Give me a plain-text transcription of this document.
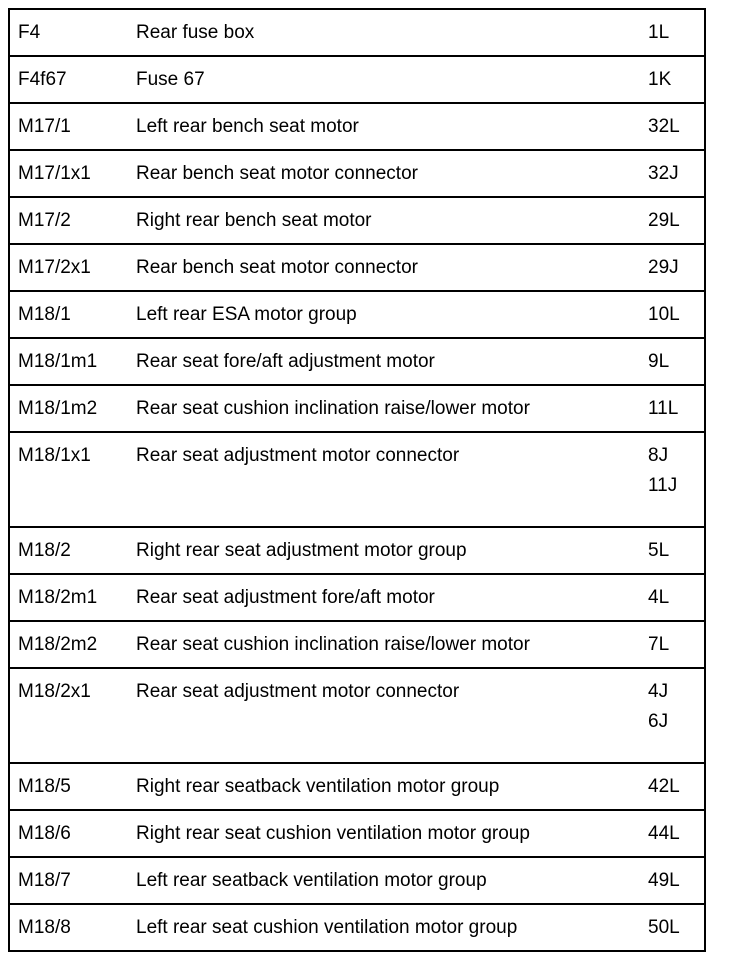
F4	Rear fuse box	1L

F4f67	Fuse 67	1K

M17/1	Left rear bench seat motor	32L

M17/1x1	Rear bench seat motor connector	32J

M17/2	Right rear bench seat motor	29L

M17/2x1	Rear bench seat motor connector	29J

M18/1	Left rear ESA motor group	10L

M18/1m1	Rear seat fore/aft adjustment motor	9L

M18/1m2	Rear seat cushion inclination raise/lower motor	11L

M18/1x1	Rear seat adjustment motor connector	8J
11J

M18/2	Right rear seat adjustment motor group	5L

M18/2m1	Rear seat adjustment fore/aft motor	4L

M18/2m2	Rear seat cushion inclination raise/lower motor	7L

M18/2x1	Rear seat adjustment motor connector	4J
6J

M18/5	Right rear seatback ventilation motor group	42L

M18/6	Right rear seat cushion ventilation motor group	44L

M18/7	Left rear seatback ventilation motor group	49L

M18/8	Left rear seat cushion ventilation motor group	50L
